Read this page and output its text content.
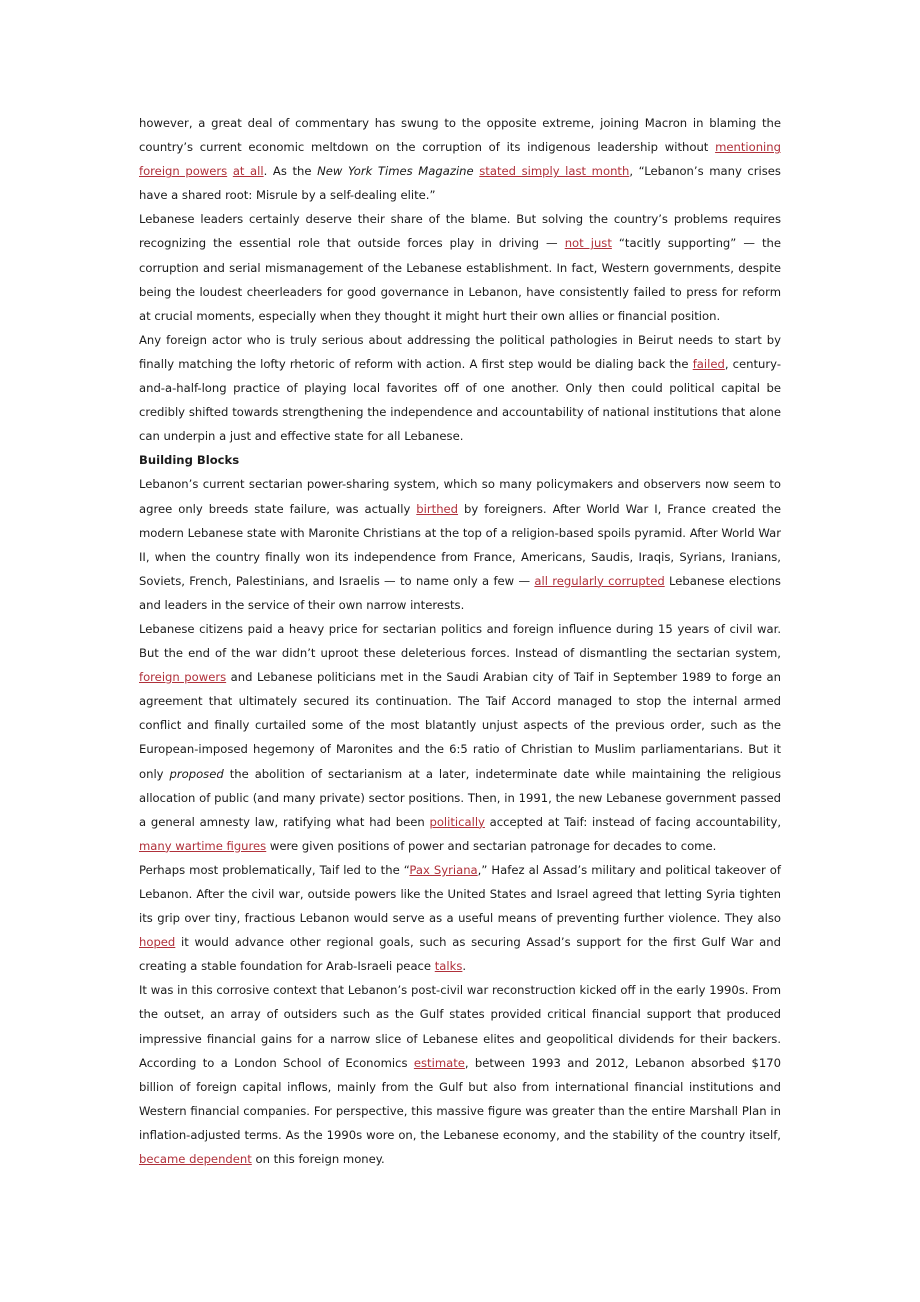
however, a great deal of commentary has swung to the opposite extreme, joining Macron in blaming the country’s current economic meltdown on the corruption of its indigenous leadership without mentioning foreign powers at all. As the New York Times Magazine stated simply last month, “Lebanon’s many crises have a shared root: Misrule by a self-dealing elite.”

Lebanese leaders certainly deserve their share of the blame. But solving the country’s problems requires recognizing the essential role that outside forces play in driving — not just “tacitly supporting” — the corruption and serial mismanagement of the Lebanese establishment. In fact, Western governments, despite being the loudest cheerleaders for good governance in Lebanon, have consistently failed to press for reform at crucial moments, especially when they thought it might hurt their own allies or financial position.

Any foreign actor who is truly serious about addressing the political pathologies in Beirut needs to start by finally matching the lofty rhetoric of reform with action. A first step would be dialing back the failed, century-and-a-half-long practice of playing local favorites off of one another. Only then could political capital be credibly shifted towards strengthening the independence and accountability of national institutions that alone can underpin a just and effective state for all Lebanese.

Building Blocks

Lebanon’s current sectarian power-sharing system, which so many policymakers and observers now seem to agree only breeds state failure, was actually birthed by foreigners. After World War I, France created the modern Lebanese state with Maronite Christians at the top of a religion-based spoils pyramid. After World War II, when the country finally won its independence from France, Americans, Saudis, Iraqis, Syrians, Iranians, Soviets, French, Palestinians, and Israelis — to name only a few — all regularly corrupted Lebanese elections and leaders in the service of their own narrow interests.

Lebanese citizens paid a heavy price for sectarian politics and foreign influence during 15 years of civil war. But the end of the war didn’t uproot these deleterious forces. Instead of dismantling the sectarian system, foreign powers and Lebanese politicians met in the Saudi Arabian city of Taif in September 1989 to forge an agreement that ultimately secured its continuation. The Taif Accord managed to stop the internal armed conflict and finally curtailed some of the most blatantly unjust aspects of the previous order, such as the European-imposed hegemony of Maronites and the 6:5 ratio of Christian to Muslim parliamentarians. But it only proposed the abolition of sectarianism at a later, indeterminate date while maintaining the religious allocation of public (and many private) sector positions. Then, in 1991, the new Lebanese government passed a general amnesty law, ratifying what had been politically accepted at Taif: instead of facing accountability, many wartime figures were given positions of power and sectarian patronage for decades to come.

Perhaps most problematically, Taif led to the “Pax Syriana,” Hafez al Assad’s military and political takeover of Lebanon. After the civil war, outside powers like the United States and Israel agreed that letting Syria tighten its grip over tiny, fractious Lebanon would serve as a useful means of preventing further violence. They also hoped it would advance other regional goals, such as securing Assad’s support for the first Gulf War and creating a stable foundation for Arab-Israeli peace talks.

It was in this corrosive context that Lebanon’s post-civil war reconstruction kicked off in the early 1990s. From the outset, an array of outsiders such as the Gulf states provided critical financial support that produced impressive financial gains for a narrow slice of Lebanese elites and geopolitical dividends for their backers. According to a London School of Economics estimate, between 1993 and 2012, Lebanon absorbed $170 billion of foreign capital inflows, mainly from the Gulf but also from international financial institutions and Western financial companies. For perspective, this massive figure was greater than the entire Marshall Plan in inflation-adjusted terms. As the 1990s wore on, the Lebanese economy, and the stability of the country itself, became dependent on this foreign money.
